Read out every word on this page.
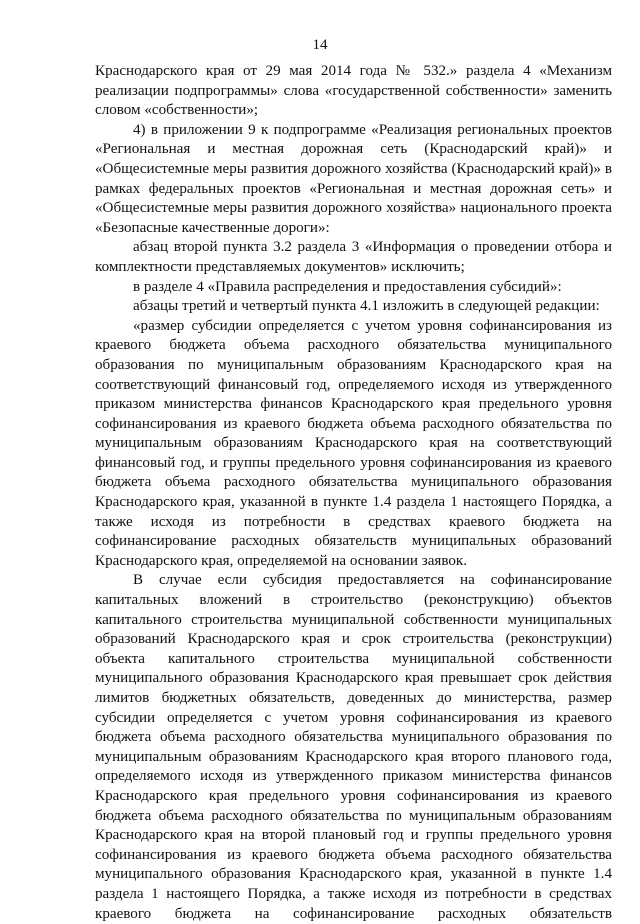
14

Краснодарского края от 29 мая 2014 года № 532.» раздела 4 «Механизм реализации подпрограммы» слова «государственной собственности» заменить словом «собственности»;

4) в приложении 9 к подпрограмме «Реализация региональных проектов «Региональная и местная дорожная сеть (Краснодарский край)» и «Общесистемные меры развития дорожного хозяйства (Краснодарский край)» в рамках федеральных проектов «Региональная и местная дорожная сеть» и «Общесистемные меры развития дорожного хозяйства» национального проекта «Безопасные качественные дороги»:

абзац второй пункта 3.2 раздела 3 «Информация о проведении отбора и комплектности представляемых документов» исключить;

в разделе 4 «Правила распределения и предоставления субсидий»:

абзацы третий и четвертый пункта 4.1 изложить в следующей редакции:

«размер субсидии определяется с учетом уровня софинансирования из краевого бюджета объема расходного обязательства муниципального образования по муниципальным образованиям Краснодарского края на соответствующий финансовый год, определяемого исходя из утвержденного приказом министерства финансов Краснодарского края предельного уровня софинансирования из краевого бюджета объема расходного обязательства по муниципальным образованиям Краснодарского края на соответствующий финансовый год, и группы предельного уровня софинансирования из краевого бюджета объема расходного обязательства муниципального образования Краснодарского края, указанной в пункте 1.4 раздела 1 настоящего Порядка, а также исходя из потребности в средствах краевого бюджета на софинансирование расходных обязательств муниципальных образований Краснодарского края, определяемой на основании заявок.

В случае если субсидия предоставляется на софинансирование капитальных вложений в строительство (реконструкцию) объектов капитального строительства муниципальной собственности муниципальных образований Краснодарского края и срок строительства (реконструкции) объекта капитального строительства муниципальной собственности муниципального образования Краснодарского края превышает срок действия лимитов бюджетных обязательств, доведенных до министерства, размер субсидии определяется с учетом уровня софинансирования из краевого бюджета объема расходного обязательства муниципального образования по муниципальным образованиям Краснодарского края второго планового года, определяемого исходя из утвержденного приказом министерства финансов Краснодарского края предельного уровня софинансирования из краевого бюджета объема расходного обязательства по муниципальным образованиям Краснодарского края на второй плановый год и группы предельного уровня софинансирования из краевого бюджета объема расходного обязательства муниципального образования Краснодарского края, указанной в пункте 1.4 раздела 1 настоящего Порядка, а также исходя из потребности в средствах краевого бюджета на софинансирование расходных обязательств
